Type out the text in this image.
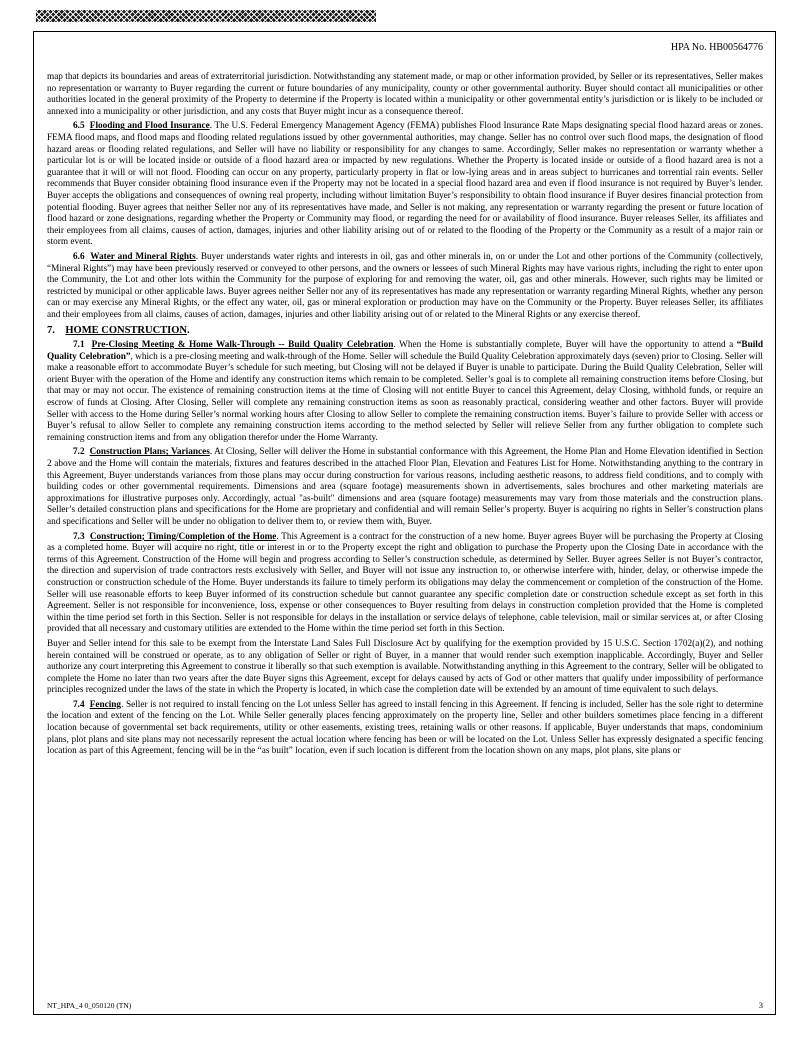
HPA No. HB00564776

map that depicts its boundaries and areas of extraterritorial jurisdiction. Notwithstanding any statement made, or map or other information provided, by Seller or its representatives, Seller makes no representation or warranty to Buyer regarding the current or future boundaries of any municipality, county or other governmental authority. Buyer should contact all municipalities or other authorities located in the general proximity of the Property to determine if the Property is located within a municipality or other governmental entity’s jurisdiction or is likely to be included or annexed into a municipality or other jurisdiction, and any costs that Buyer might incur as a consequence thereof.

6.5 Flooding and Flood Insurance. The U.S. Federal Emergency Management Agency (FEMA) publishes Flood Insurance Rate Maps designating special flood hazard areas or zones. FEMA flood maps, and flood maps and flooding related regulations issued by other governmental authorities, may change. Seller has no control over such flood maps, the designation of flood hazard areas or flooding related regulations, and Seller will have no liability or responsibility for any changes to same. Accordingly, Seller makes no representation or warranty whether a particular lot is or will be located inside or outside of a flood hazard area or impacted by new regulations. Whether the Property is located inside or outside of a flood hazard area is not a guarantee that it will or will not flood. Flooding can occur on any property, particularly property in flat or low-lying areas and in areas subject to hurricanes and torrential rain events. Seller recommends that Buyer consider obtaining flood insurance even if the Property may not be located in a special flood hazard area and even if flood insurance is not required by Buyer’s lender. Buyer accepts the obligations and consequences of owning real property, including without limitation Buyer’s responsibility to obtain flood insurance if Buyer desires financial protection from potential flooding. Buyer agrees that neither Seller nor any of its representatives have made, and Seller is not making, any representation or warranty regarding the present or future location of flood hazard or zone designations, regarding whether the Property or Community may flood, or regarding the need for or availability of flood insurance. Buyer releases Seller, its affiliates and their employees from all claims, causes of action, damages, injuries and other liability arising out of or related to the flooding of the Property or the Community as a result of a major rain or storm event.

6.6 Water and Mineral Rights. Buyer understands water rights and interests in oil, gas and other minerals in, on or under the Lot and other portions of the Community (collectively, “Mineral Rights”) may have been previously reserved or conveyed to other persons, and the owners or lessees of such Mineral Rights may have various rights, including the right to enter upon the Community, the Lot and other lots within the Community for the purpose of exploring for and removing the water, oil, gas and other minerals. However, such rights may be limited or restricted by municipal or other applicable laws. Buyer agrees neither Seller nor any of its representatives has made any representation or warranty regarding Mineral Rights, whether any person can or may exercise any Mineral Rights, or the effect any water, oil, gas or mineral exploration or production may have on the Community or the Property. Buyer releases Seller, its affiliates and their employees from all claims, causes of action, damages, injuries and other liability arising out of or related to the Mineral Rights or any exercise thereof.

7. HOME CONSTRUCTION.

7.1 Pre-Closing Meeting & Home Walk-Through -- Build Quality Celebration. When the Home is substantially complete, Buyer will have the opportunity to attend a “Build Quality Celebration”, which is a pre-closing meeting and walk-through of the Home. Seller will schedule the Build Quality Celebration approximately days (seven) prior to Closing. Seller will make a reasonable effort to accommodate Buyer’s schedule for such meeting, but Closing will not be delayed if Buyer is unable to participate. During the Build Quality Celebration, Seller will orient Buyer with the operation of the Home and identify any construction items which remain to be completed. Seller’s goal is to complete all remaining construction items before Closing, but that may or may not occur. The existence of remaining construction items at the time of Closing will not entitle Buyer to cancel this Agreement, delay Closing, withhold funds, or require an escrow of funds at Closing. After Closing, Seller will complete any remaining construction items as soon as reasonably practical, considering weather and other factors. Buyer will provide Seller with access to the Home during Seller’s normal working hours after Closing to allow Seller to complete the remaining construction items. Buyer’s failure to provide Seller with access or Buyer’s refusal to allow Seller to complete any remaining construction items according to the method selected by Seller will relieve Seller from any further obligation to complete such remaining construction items and from any obligation therefor under the Home Warranty.

7.2 Construction Plans; Variances. At Closing, Seller will deliver the Home in substantial conformance with this Agreement, the Home Plan and Home Elevation identified in Section 2 above and the Home will contain the materials, fixtures and features described in the attached Floor Plan, Elevation and Features List for Home. Notwithstanding anything to the contrary in this Agreement, Buyer understands variances from those plans may occur during construction for various reasons, including aesthetic reasons, to address field conditions, and to comply with building codes or other governmental requirements. Dimensions and area (square footage) measurements shown in advertisements, sales brochures and other marketing materials are approximations for illustrative purposes only. Accordingly, actual "as-built" dimensions and area (square footage) measurements may vary from those materials and the construction plans. Seller’s detailed construction plans and specifications for the Home are proprietary and confidential and will remain Seller’s property. Buyer is acquiring no rights in Seller’s construction plans and specifications and Seller will be under no obligation to deliver them to, or review them with, Buyer.

7.3 Construction; Timing/Completion of the Home. This Agreement is a contract for the construction of a new home. Buyer agrees Buyer will be purchasing the Property at Closing as a completed home. Buyer will acquire no right, title or interest in or to the Property except the right and obligation to purchase the Property upon the Closing Date in accordance with the terms of this Agreement. Construction of the Home will begin and progress according to Seller’s construction schedule, as determined by Seller. Buyer agrees Seller is not Buyer’s contractor, the direction and supervision of trade contractors rests exclusively with Seller, and Buyer will not issue any instruction to, or otherwise interfere with, hinder, delay, or otherwise impede the construction or construction schedule of the Home. Buyer understands its failure to timely perform its obligations may delay the commencement or completion of the construction of the Home. Seller will use reasonable efforts to keep Buyer informed of its construction schedule but cannot guarantee any specific completion date or construction schedule except as set forth in this Agreement. Seller is not responsible for inconvenience, loss, expense or other consequences to Buyer resulting from delays in construction completion provided that the Home is completed within the time period set forth in this Section. Seller is not responsible for delays in the installation or service delays of telephone, cable television, mail or similar services at, or after Closing provided that all necessary and customary utilities are extended to the Home within the time period set forth in this Section.

Buyer and Seller intend for this sale to be exempt from the Interstate Land Sales Full Disclosure Act by qualifying for the exemption provided by 15 U.S.C. Section 1702(a)(2), and nothing herein contained will be construed or operate, as to any obligation of Seller or right of Buyer, in a manner that would render such exemption inapplicable. Accordingly, Buyer and Seller authorize any court interpreting this Agreement to construe it liberally so that such exemption is available. Notwithstanding anything in this Agreement to the contrary, Seller will be obligated to complete the Home no later than two years after the date Buyer signs this Agreement, except for delays caused by acts of God or other matters that qualify under impossibility of performance principles recognized under the laws of the state in which the Property is located, in which case the completion date will be extended by an amount of time equivalent to such delays.

7.4 Fencing. Seller is not required to install fencing on the Lot unless Seller has agreed to install fencing in this Agreement. If fencing is included, Seller has the sole right to determine the location and extent of the fencing on the Lot. While Seller generally places fencing approximately on the property line, Seller and other builders sometimes place fencing in a different location because of governmental set back requirements, utility or other easements, existing trees, retaining walls or other reasons. If applicable, Buyer understands that maps, condominium plans, plot plans and site plans may not necessarily represent the actual location where fencing has been or will be located on the Lot. Unless Seller has expressly designated a specific fencing location as part of this Agreement, fencing will be in the “as built” location, even if such location is different from the location shown on any maps, plot plans, site plans or

NT_HPA_4 0_050120 (TN)	3
